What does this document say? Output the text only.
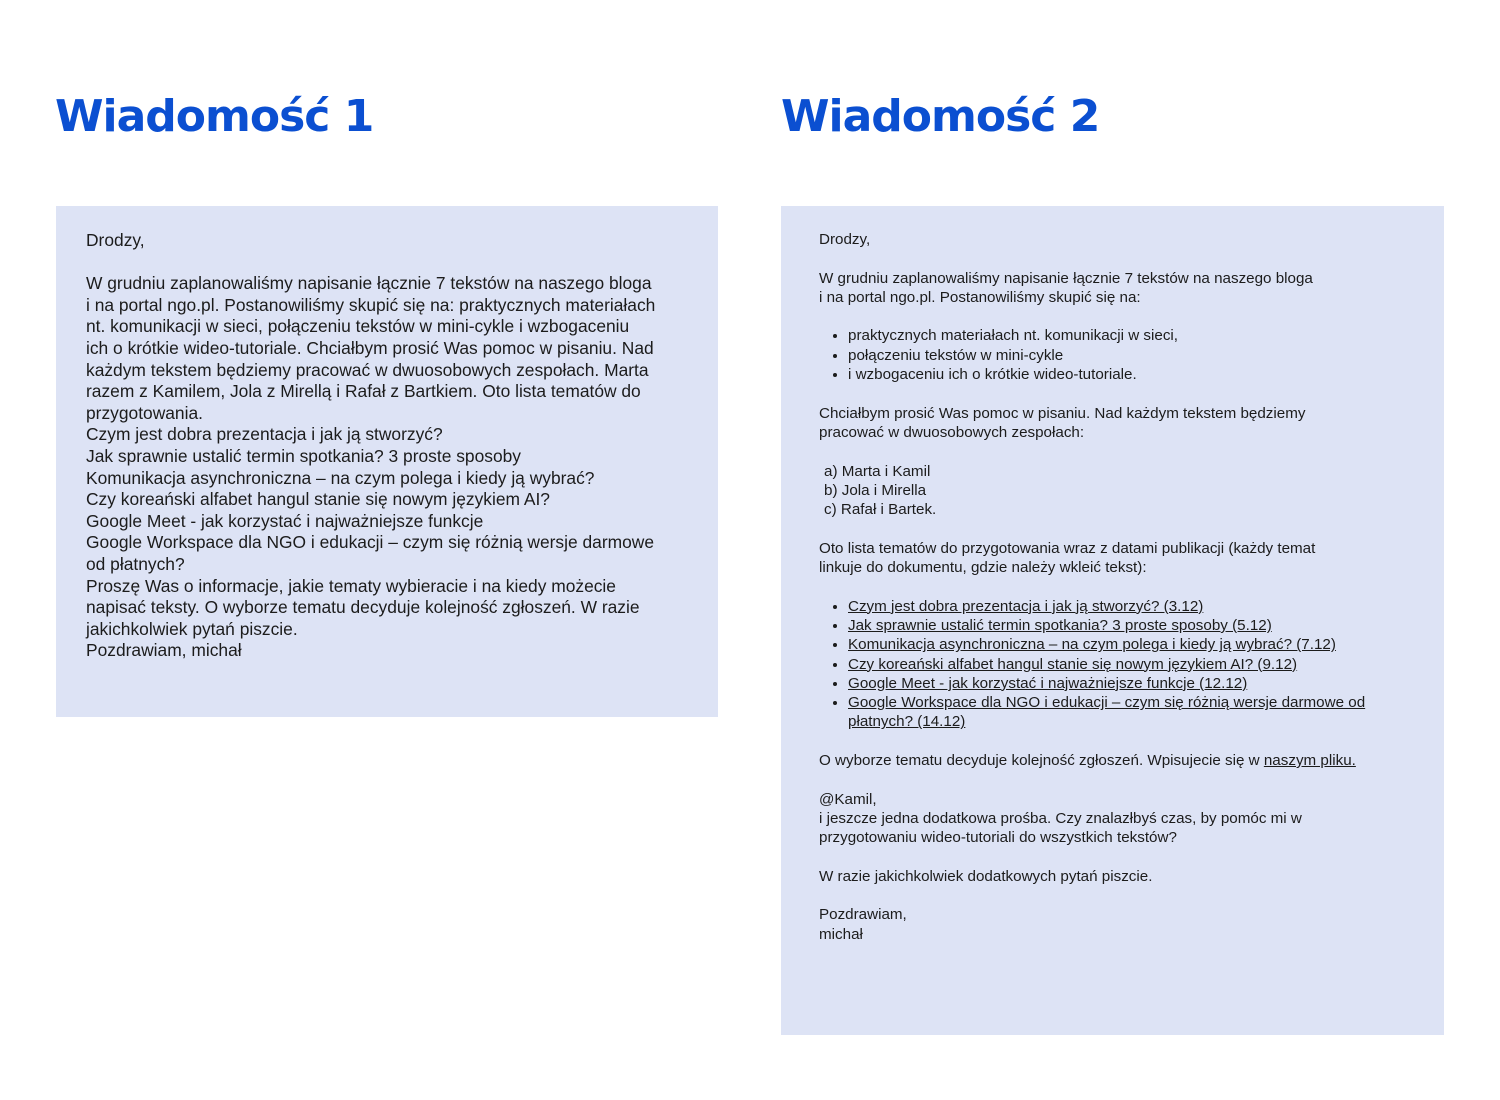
Wiadomość 1	Wiadomość 2

Drodzy,

W grudniu zaplanowaliśmy napisanie łącznie 7 tekstów na naszego bloga

i na portal ngo.pl. Postanowiliśmy skupić się na: praktycznych materiałach

nt. komunikacji w sieci, połączeniu tekstów w mini-cykle i wzbogaceniu

ich o krótkie wideo-tutoriale. Chciałbym prosić Was pomoc w pisaniu. Nad

każdym tekstem będziemy pracować w dwuosobowych zespołach. Marta

razem z Kamilem, Jola z Mirellą i Rafał z Bartkiem. Oto lista tematów do

przygotowania.

Czym jest dobra prezentacja i jak ją stworzyć?

Jak sprawnie ustalić termin spotkania? 3 proste sposoby

Komunikacja asynchroniczna – na czym polega i kiedy ją wybrać?

Czy koreański alfabet hangul stanie się nowym językiem AI?

Google Meet - jak korzystać i najważniejsze funkcje

Google Workspace dla NGO i edukacji – czym się różnią wersje darmowe

od płatnych?

Proszę Was o informacje, jakie tematy wybieracie i na kiedy możecie

napisać teksty. O wyborze tematu decyduje kolejność zgłoszeń. W razie

jakichkolwiek pytań piszcie.

Pozdrawiam, michał

Drodzy,

W grudniu zaplanowaliśmy napisanie łącznie 7 tekstów na naszego bloga

i na portal ngo.pl. Postanowiliśmy skupić się na:

• praktycznych materiałach nt. komunikacji w sieci,
• połączeniu tekstów w mini-cykle
• i wzbogaceniu ich o krótkie wideo-tutoriale.

Chciałbym prosić Was pomoc w pisaniu. Nad każdym tekstem będziemy

pracować w dwuosobowych zespołach:

a) Marta i Kamil

b) Jola i Mirella

c) Rafał i Bartek.

Oto lista tematów do przygotowania wraz z datami publikacji (każdy temat

linkuje do dokumentu, gdzie należy wkleić tekst):

• Czym jest dobra prezentacja i jak ją stworzyć? (3.12)
• Jak sprawnie ustalić termin spotkania? 3 proste sposoby (5.12)
• Komunikacja asynchroniczna – na czym polega i kiedy ją wybrać? (7.12)
• Czy koreański alfabet hangul stanie się nowym językiem AI? (9.12)
• Google Meet - jak korzystać i najważniejsze funkcje (12.12)
• Google Workspace dla NGO i edukacji – czym się różnią wersje darmowe od płatnych? (14.12)

O wyborze tematu decyduje kolejność zgłoszeń. Wpisujecie się w naszym pliku.

@Kamil,

i jeszcze jedna dodatkowa prośba. Czy znalazłbyś czas, by pomóc mi w

przygotowaniu wideo-tutoriali do wszystkich tekstów?

W razie jakichkolwiek dodatkowych pytań piszcie.

Pozdrawiam,

michał
